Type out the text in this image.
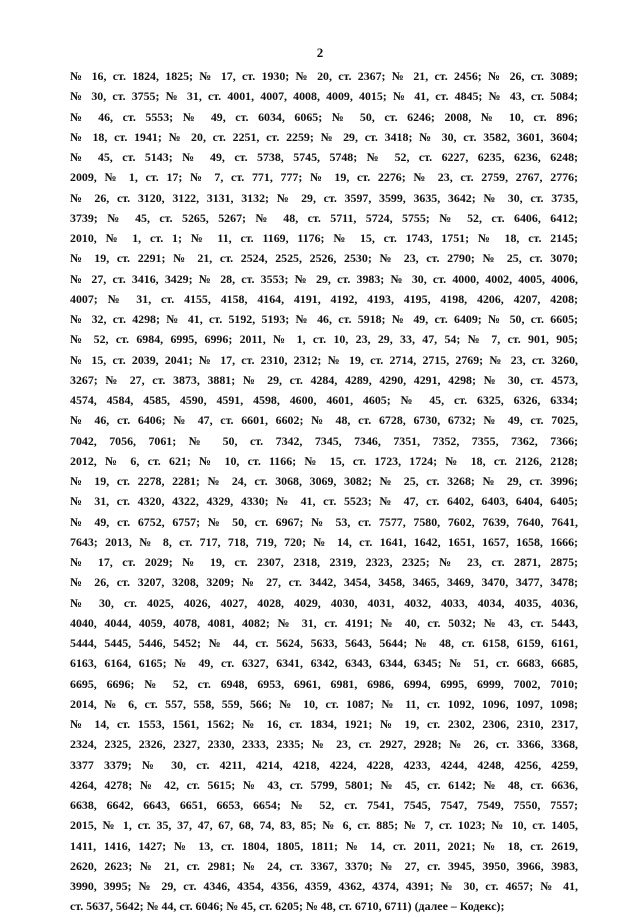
2

№ 16, ст. 1824, 1825; № 17, ст. 1930; № 20, ст. 2367; № 21, ст. 2456; № 26, ст. 3089;
№ 30, ст. 3755; № 31, ст. 4001, 4007, 4008, 4009, 4015; № 41, ст. 4845; № 43, ст. 5084;
№ 46, ст. 5553; № 49, ст. 6034, 6065; № 50, ст. 6246; 2008, № 10, ст. 896;
№ 18, ст. 1941; № 20, ст. 2251, ст. 2259; № 29, ст. 3418; № 30, ст. 3582, 3601, 3604;
№ 45, ст. 5143; № 49, ст. 5738, 5745, 5748; № 52, ст. 6227, 6235, 6236, 6248;
2009, № 1, ст. 17; № 7, ст. 771, 777; № 19, ст. 2276; № 23, ст. 2759, 2767, 2776;
№ 26, ст. 3120, 3122, 3131, 3132; № 29, ст. 3597, 3599, 3635, 3642; № 30, ст. 3735,
3739; № 45, ст. 5265, 5267; № 48, ст. 5711, 5724, 5755; № 52, ст. 6406, 6412;
2010, № 1, ст. 1; № 11, ст. 1169, 1176; № 15, ст. 1743, 1751; № 18, ст. 2145;
№ 19, ст. 2291; № 21, ст. 2524, 2525, 2526, 2530; № 23, ст. 2790; № 25, ст. 3070;
№ 27, ст. 3416, 3429; № 28, ст. 3553; № 29, ст. 3983; № 30, ст. 4000, 4002, 4005, 4006,
4007; № 31, ст. 4155, 4158, 4164, 4191, 4192, 4193, 4195, 4198, 4206, 4207, 4208;
№ 32, ст. 4298; № 41, ст. 5192, 5193; № 46, ст. 5918; № 49, ст. 6409; № 50, ст. 6605;
№ 52, ст. 6984, 6995, 6996; 2011, № 1, ст. 10, 23, 29, 33, 47, 54; № 7, ст. 901, 905;
№ 15, ст. 2039, 2041; № 17, ст. 2310, 2312; № 19, ст. 2714, 2715, 2769; № 23, ст. 3260,
3267; № 27, ст. 3873, 3881; № 29, ст. 4284, 4289, 4290, 4291, 4298; № 30, ст. 4573,
4574, 4584, 4585, 4590, 4591, 4598, 4600, 4601, 4605; № 45, ст. 6325, 6326, 6334;
№ 46, ст. 6406; № 47, ст. 6601, 6602; № 48, ст. 6728, 6730, 6732; № 49, ст. 7025,
7042, 7056, 7061; № 50, ст. 7342, 7345, 7346, 7351, 7352, 7355, 7362, 7366;
2012, № 6, ст. 621; № 10, ст. 1166; № 15, ст. 1723, 1724; № 18, ст. 2126, 2128;
№ 19, ст. 2278, 2281; № 24, ст. 3068, 3069, 3082; № 25, ст. 3268; № 29, ст. 3996;
№ 31, ст. 4320, 4322, 4329, 4330; № 41, ст. 5523; № 47, ст. 6402, 6403, 6404, 6405;
№ 49, ст. 6752, 6757; № 50, ст. 6967; № 53, ст. 7577, 7580, 7602, 7639, 7640, 7641,
7643; 2013, № 8, ст. 717, 718, 719, 720; № 14, ст. 1641, 1642, 1651, 1657, 1658, 1666;
№ 17, ст. 2029; № 19, ст. 2307, 2318, 2319, 2323, 2325; № 23, ст. 2871, 2875;
№ 26, ст. 3207, 3208, 3209; № 27, ст. 3442, 3454, 3458, 3465, 3469, 3470, 3477, 3478;
№ 30, ст. 4025, 4026, 4027, 4028, 4029, 4030, 4031, 4032, 4033, 4034, 4035, 4036,
4040, 4044, 4059, 4078, 4081, 4082; № 31, ст. 4191; № 40, ст. 5032; № 43, ст. 5443,
5444, 5445, 5446, 5452; № 44, ст. 5624, 5633, 5643, 5644; № 48, ст. 6158, 6159, 6161,
6163, 6164, 6165; № 49, ст. 6327, 6341, 6342, 6343, 6344, 6345; № 51, ст. 6683, 6685,
6695, 6696; № 52, ст. 6948, 6953, 6961, 6981, 6986, 6994, 6995, 6999, 7002, 7010;
2014, № 6, ст. 557, 558, 559, 566; № 10, ст. 1087; № 11, ст. 1092, 1096, 1097, 1098;
№ 14, ст. 1553, 1561, 1562; № 16, ст. 1834, 1921; № 19, ст. 2302, 2306, 2310, 2317,
2324, 2325, 2326, 2327, 2330, 2333, 2335; № 23, ст. 2927, 2928; № 26, ст. 3366, 3368,
3377 3379; № 30, ст. 4211, 4214, 4218, 4224, 4228, 4233, 4244, 4248, 4256, 4259,
4264, 4278; № 42, ст. 5615; № 43, ст. 5799, 5801; № 45, ст. 6142; № 48, ст. 6636,
6638, 6642, 6643, 6651, 6653, 6654; № 52, ст. 7541, 7545, 7547, 7549, 7550, 7557;
2015, № 1, ст. 35, 37, 47, 67, 68, 74, 83, 85; № 6, ст. 885; № 7, ст. 1023; № 10, ст. 1405,
1411, 1416, 1427; № 13, ст. 1804, 1805, 1811; № 14, ст. 2011, 2021; № 18, ст. 2619,
2620, 2623; № 21, ст. 2981; № 24, ст. 3367, 3370; № 27, ст. 3945, 3950, 3966, 3983,
3990, 3995; № 29, ст. 4346, 4354, 4356, 4359, 4362, 4374, 4391; № 30, ст. 4657; № 41,
ст. 5637, 5642; № 44, ст. 6046; № 45, ст. 6205; № 48, ст. 6710, 6711) (далее – Кодекс);
